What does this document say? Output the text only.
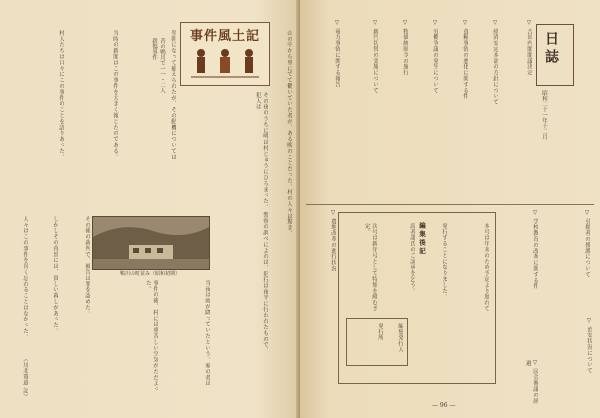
山の中から里にでて働いていた者が、ある晩のことだった。村の人々は驚き、
事件風土記
昔の鴨川で一一・二人殺傷事件
その夜のうちに噂は村じゅうにひろまった。犯人は
翌朝になって捕えられたが、その動機については
当時の新聞はこの事件を大きく報じたのである。
村人たちは口々にこの事件のことを語りあった。
鴨川の町並み（昭和初期）	警察の調べによれば、犯行は夜半に行われたもので、
当夜は雨が降っていたという。家の者は
事件の後、村には重苦しい空気がただよった。
その後の裁判で、被告は罪を認めた。
しかしその背景には、貧しい暮しがあった。
人々はこの事件を長く忘れることはなかった。
（川北寛道 記）
日誌
昭和二十一年十二月
▽ 吉田内閣閣議決定
▽ 経済安定本部の方針について
▽ 食糧事情の悪化に関する件
▽ 労働争議の発生について
▽ 物価統制令の施行
▽ 新円切替の実施について
▽ 電力事情に関する報告
▽ 引揚者の援護について
▽ 学校教育の改革に関する件
▽ 農地改革の進行状況	本号は年末のため予定より遅れて
発行することになりました。
読者諸氏のご諒承を乞う。
次号は新年号として特集を組む予定。	編集後記
編集発行人
発行所	▽ 治安状況について
▽ 国会審議の経過
— 96 —
